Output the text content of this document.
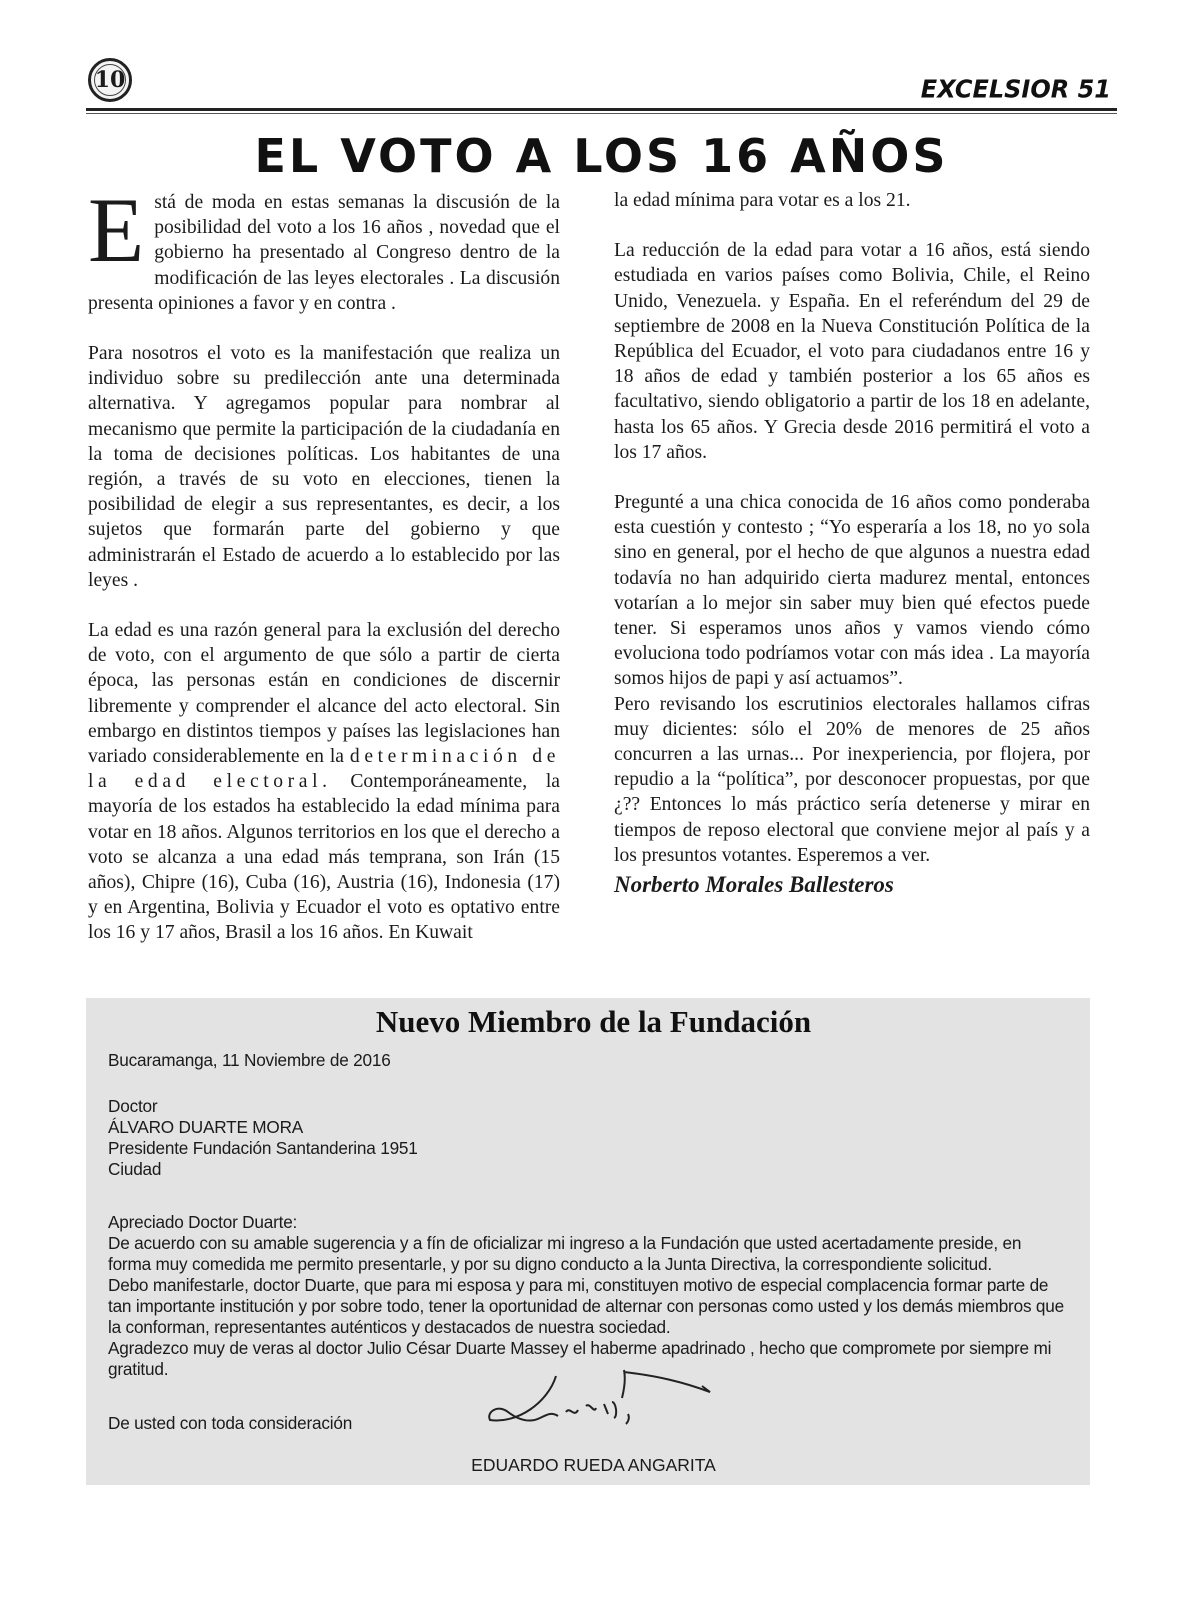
10	EXCELSIOR 51
EL VOTO A LOS 16 AÑOS

Está de moda en estas semanas la discusión de la posibilidad del voto a los 16 años , novedad que el gobierno ha presentado al Congreso dentro de la modificación de las leyes electorales . La discusión presenta opiniones a favor y en contra .

Para nosotros el voto es la manifestación que realiza un individuo sobre su predilección ante una determinada alternativa. Y agregamos popular para nombrar al mecanismo que permite la participación de la ciudadanía en la toma de decisiones políticas. Los habitantes de una región, a través de su voto en elecciones, tienen la posibilidad de elegir a sus representantes, es decir, a los sujetos que formarán parte del gobierno y que administrarán el Estado de acuerdo a lo establecido por las leyes .

La edad es una razón general para la exclusión del derecho de voto, con el argumento de que sólo a partir de cierta época, las personas están en condiciones de discernir libremente y comprender el alcance del acto electoral. Sin embargo en distintos tiempos y países las legislaciones han variado considerablemente en la determinación de la edad electoral. Contemporáneamente, la mayoría de los estados ha establecido la edad mínima para votar en 18 años. Algunos territorios en los que el derecho a voto se alcanza a una edad más temprana, son Irán (15 años), Chipre (16), Cuba (16), Austria (16), Indonesia (17) y en Argentina, Bolivia y Ecuador el voto es optativo entre los 16 y 17 años, Brasil a los 16 años. En Kuwait

la edad mínima para votar es a los 21.

La reducción de la edad para votar a 16 años, está siendo estudiada en varios países como Bolivia, Chile, el Reino Unido, Venezuela. y España. En el referéndum del 29 de septiembre de 2008 en la Nueva Constitución Política de la República del Ecuador, el voto para ciudadanos entre 16 y 18 años de edad y también posterior a los 65 años es facultativo, siendo obligatorio a partir de los 18 en adelante, hasta los 65 años. Y Grecia desde 2016 permitirá el voto a los 17 años.

Pregunté a una chica conocida de 16 años como ponderaba esta cuestión y contesto ; “Yo esperaría a los 18, no yo sola sino en general, por el hecho de que algunos a nuestra edad todavía no han adquirido cierta madurez mental, entonces votarían a lo mejor sin saber muy bien qué efectos puede tener. Si esperamos unos años y vamos viendo cómo evoluciona todo podríamos votar con más idea . La mayoría somos hijos de papi y así actuamos”.

Pero revisando los escrutinios electorales hallamos cifras muy dicientes: sólo el 20% de menores de 25 años concurren a las urnas... Por inexperiencia, por flojera, por repudio a la “política”, por desconocer propuestas, por que ¿?? Entonces lo más práctico sería detenerse y mirar en tiempos de reposo electoral que conviene mejor al país y a los presuntos votantes. Esperemos a ver.

Norberto Morales Ballesteros
Nuevo Miembro de la Fundación
Bucaramanga, 11 Noviembre de 2016
Doctor
ÁLVARO DUARTE MORA
Presidente Fundación Santanderina 1951
Ciudad
Apreciado Doctor Duarte:
De acuerdo con su amable sugerencia y a fín de oficializar mi ingreso a la Fundación que usted acertadamente preside, en forma muy comedida me permito presentarle, y por su digno conducto a la Junta Directiva, la correspondiente solicitud.
Debo manifestarle, doctor Duarte, que para mi esposa y para mi, constituyen motivo de especial complacencia formar parte de tan importante institución y por sobre todo, tener la oportunidad de alternar con personas como usted y los demás miembros que la conforman, representantes auténticos y destacados de nuestra sociedad.
Agradezco muy de veras al doctor Julio César Duarte Massey el haberme apadrinado , hecho que compromete por siempre mi gratitud.
De usted con toda consideración
EDUARDO RUEDA ANGARITA
